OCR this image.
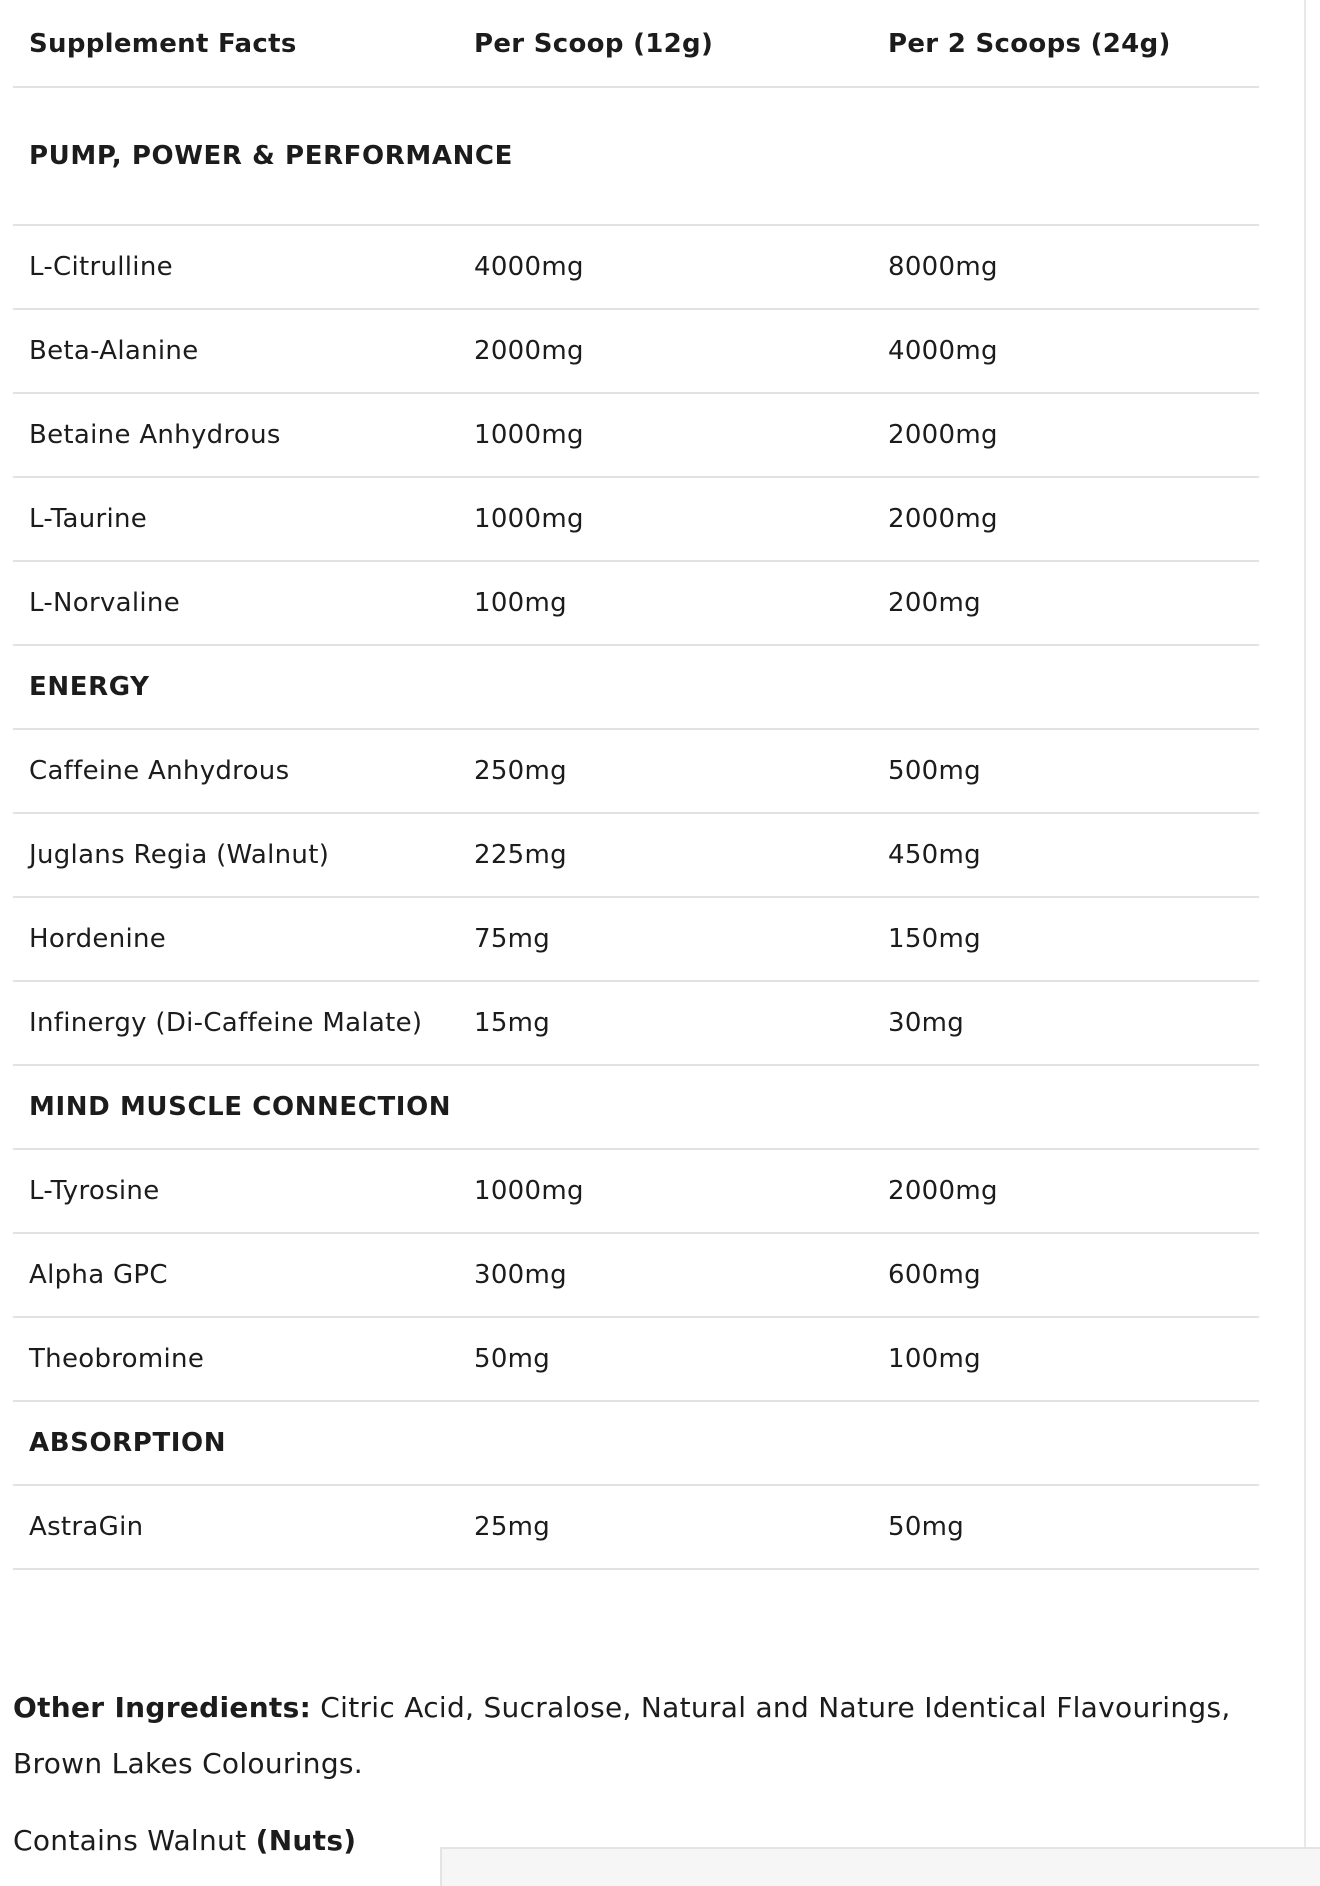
Supplement Facts	Per Scoop (12g)	Per 2 Scoops (24g)
PUMP, POWER & PERFORMANCE		
L-Citrulline	4000mg	8000mg
Beta-Alanine	2000mg	4000mg
Betaine Anhydrous	1000mg	2000mg
L-Taurine	1000mg	2000mg
L-Norvaline	100mg	200mg
ENERGY		
Caffeine Anhydrous	250mg	500mg
Juglans Regia (Walnut)	225mg	450mg
Hordenine	75mg	150mg
Infinergy (Di-Caffeine Malate)	15mg	30mg
MIND MUSCLE CONNECTION		
L-Tyrosine	1000mg	2000mg
Alpha GPC	300mg	600mg
Theobromine	50mg	100mg
ABSORPTION		
AstraGin	25mg	50mg

Other Ingredients: Citric Acid, Sucralose, Natural and Nature Identical Flavourings, Brown Lakes Colourings.

Contains Walnut (Nuts)
